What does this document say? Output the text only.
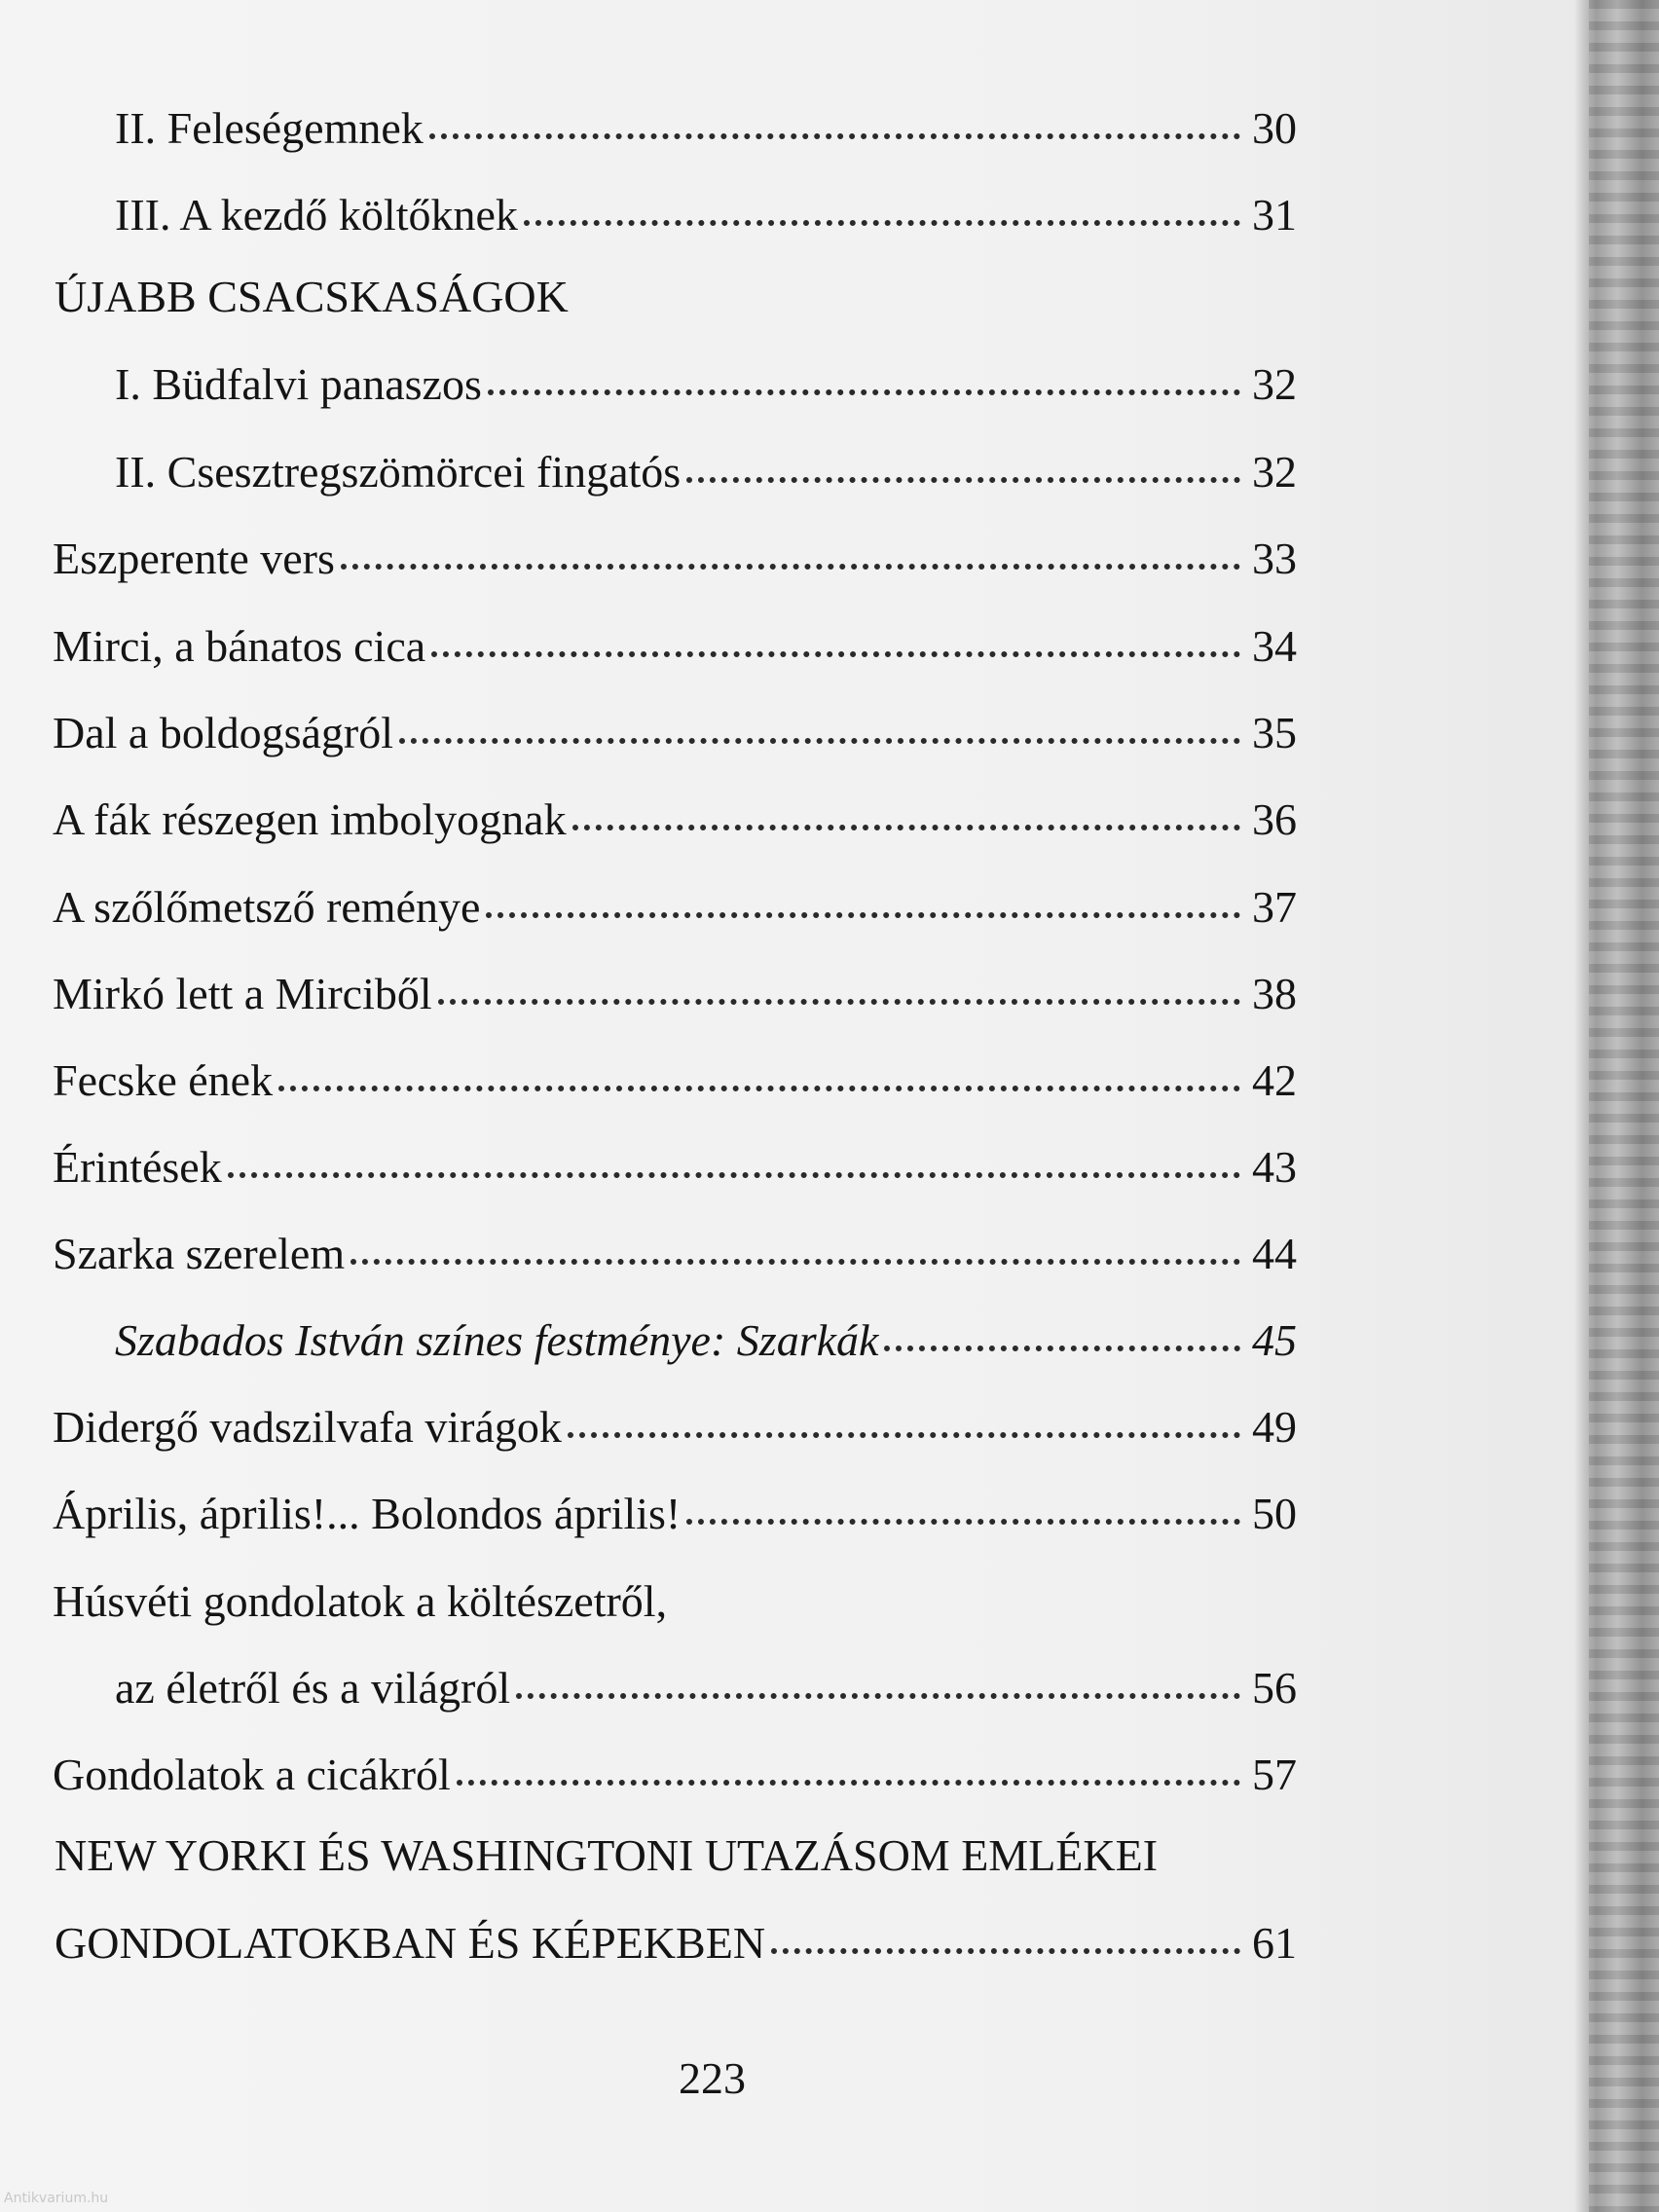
II. Feleségemnek	30
III. A kezdő költőknek	31
ÚJABB CSACSKASÁGOK
I. Büdfalvi panaszos	32
II. Csesztregszömörcei fingatós	32
Eszperente vers	33
Mirci, a bánatos cica	34
Dal a boldogságról	35
A fák részegen imbolyognak	36
A szőlőmetsző reménye	37
Mirkó lett a Mirciből	38
Fecske ének	42
Érintések	43
Szarka szerelem	44
Szabados István színes festménye: Szarkák	45
Didergő vadszilvafa virágok	49
Április, április!... Bolondos április!	50
Húsvéti gondolatok a költészetről,
az életről és a világról	56
Gondolatok a cicákról	57
NEW YORKI ÉS WASHINGTONI UTAZÁSOM EMLÉKEI
GONDOLATOKBAN ÉS KÉPEKBEN	61
223
Antikvarium.hu
